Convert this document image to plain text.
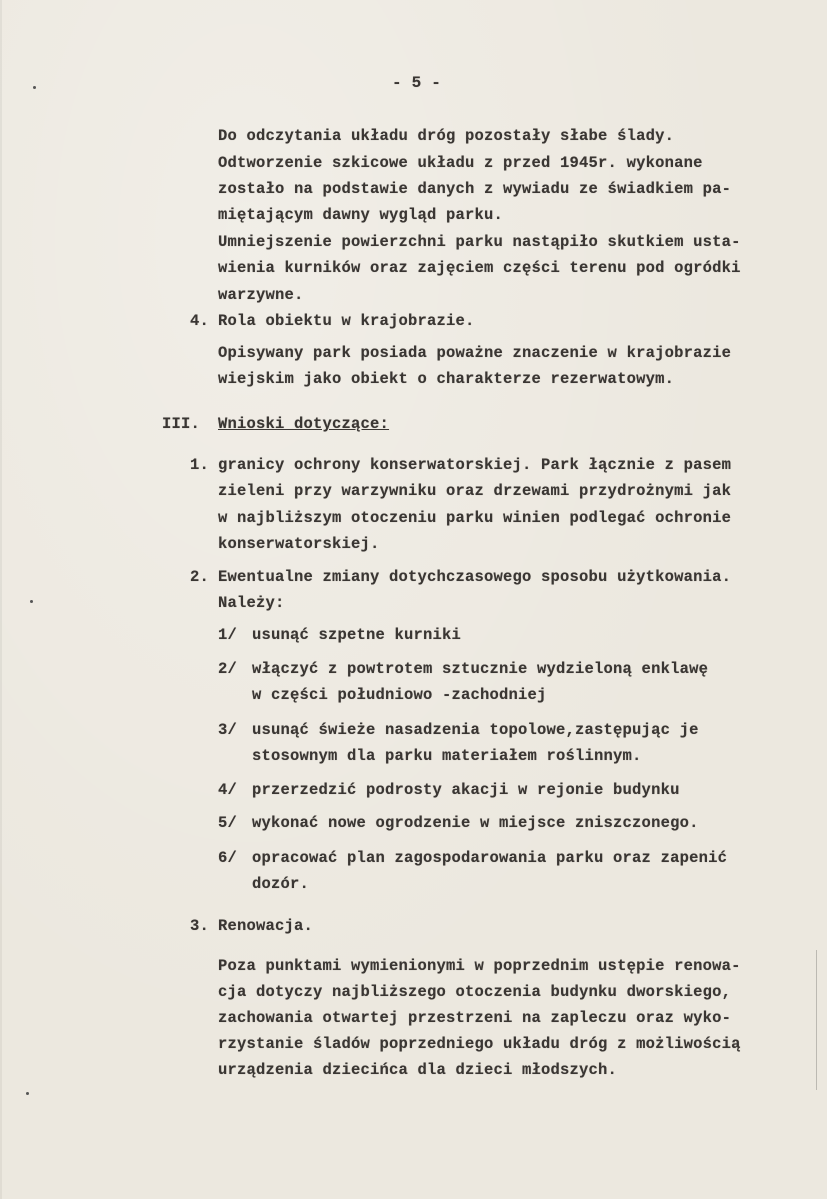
- 5 -
Do odczytania układu dróg pozostały słabe ślady.
Odtworzenie szkicowe układu z przed 1945r. wykonane
zostało na podstawie danych z wywiadu ze świadkiem pa-
miętającym dawny wygląd parku.
Umniejszenie powierzchni parku nastąpiło skutkiem usta-
wienia kurników oraz zajęciem części terenu pod ogródki
warzywne.
4. Rola obiektu w krajobrazie.
Opisywany park posiada poważne znaczenie w krajobrazie
wiejskim jako obiekt o charakterze rezerwatowym.
III. Wnioski dotyczące:
1. granicy ochrony konserwatorskiej. Park łącznie z pasem
zieleni przy warzywniku oraz drzewami przydrożnymi jak
w najbliższym otoczeniu parku winien podlegać ochronie
konserwatorskiej.
2. Ewentualne zmiany dotychczasowego sposobu użytkowania.
Należy:
1/ usunąć szpetne kurniki
2/ włączyć z powtrotem sztucznie wydzieloną enklawę
w części południowo -zachodniej
3/ usunąć świeże nasadzenia topolowe,zastępując je
stosownym dla parku materiałem roślinnym.
4/ przerzedzić podrosty akacji w rejonie budynku
5/ wykonać nowe ogrodzenie w miejsce zniszczonego.
6/ opracować plan zagospodarowania parku oraz zapenić
dozór.
3. Renowacja.
Poza punktami wymienionymi w poprzednim ustępie renowa-
cja dotyczy najbliższego otoczenia budynku dworskiego,
zachowania otwartej przestrzeni na zapleczu oraz wyko-
rzystanie śladów poprzedniego układu dróg z możliwością
urządzenia dziecińca dla dzieci młodszych.
